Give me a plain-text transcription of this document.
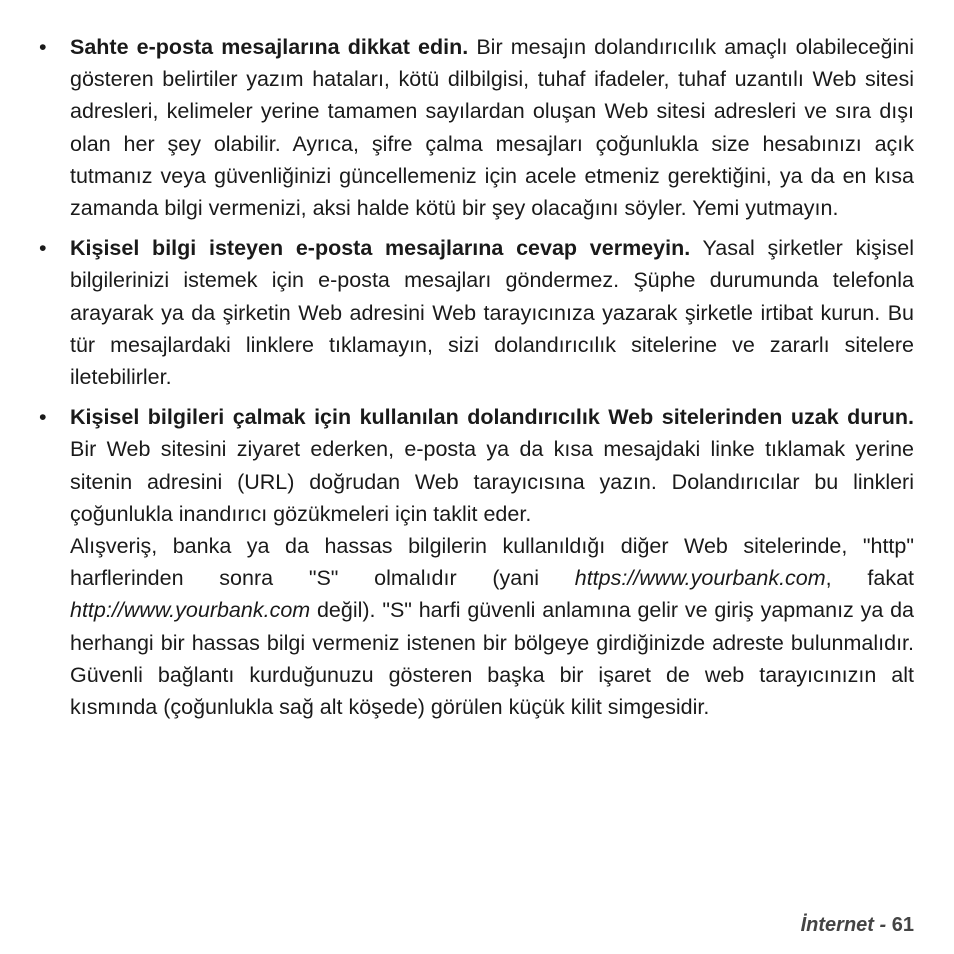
• Sahte e-posta mesajlarına dikkat edin. Bir mesajın dolandırıcılık amaçlı olabileceğini gösteren belirtiler yazım hataları, kötü dilbilgisi, tuhaf ifadeler, tuhaf uzantılı Web sitesi adresleri, kelimeler yerine tamamen sayılardan oluşan Web sitesi adresleri ve sıra dışı olan her şey olabilir. Ayrıca, şifre çalma mesajları çoğunlukla size hesabınızı açık tutmanız veya güvenliğinizi güncellemeniz için acele etmeniz gerektiğini, ya da en kısa zamanda bilgi vermenizi, aksi halde kötü bir şey olacağını söyler. Yemi yutmayın.
• Kişisel bilgi isteyen e-posta mesajlarına cevap vermeyin. Yasal şirketler kişisel bilgilerinizi istemek için e-posta mesajları göndermez. Şüphe durumunda telefonla arayarak ya da şirketin Web adresini Web tarayıcınıza yazarak şirketle irtibat kurun. Bu tür mesajlardaki linklere tıklamayın, sizi dolandırıcılık sitelerine ve zararlı sitelere iletebilirler.
• Kişisel bilgileri çalmak için kullanılan dolandırıcılık Web sitelerinden uzak durun. Bir Web sitesini ziyaret ederken, e-posta ya da kısa mesajdaki linke tıklamak yerine sitenin adresini (URL) doğrudan Web tarayıcısına yazın. Dolandırıcılar bu linkleri çoğunlukla inandırıcı gözükmeleri için taklit eder.

Alışveriş, banka ya da hassas bilgilerin kullanıldığı diğer Web sitelerinde, "http" harflerinden sonra "S" olmalıdır (yani https://www.yourbank.com, fakat http://www.yourbank.com değil). "S" harfi güvenli anlamına gelir ve giriş yapmanız ya da herhangi bir hassas bilgi vermeniz istenen bir bölgeye girdiğinizde adreste bulunmalıdır. Güvenli bağlantı kurduğunuzu gösteren başka bir işaret de web tarayıcınızın alt kısmında (çoğunlukla sağ alt köşede) görülen küçük kilit simgesidir.

İnternet - 61
